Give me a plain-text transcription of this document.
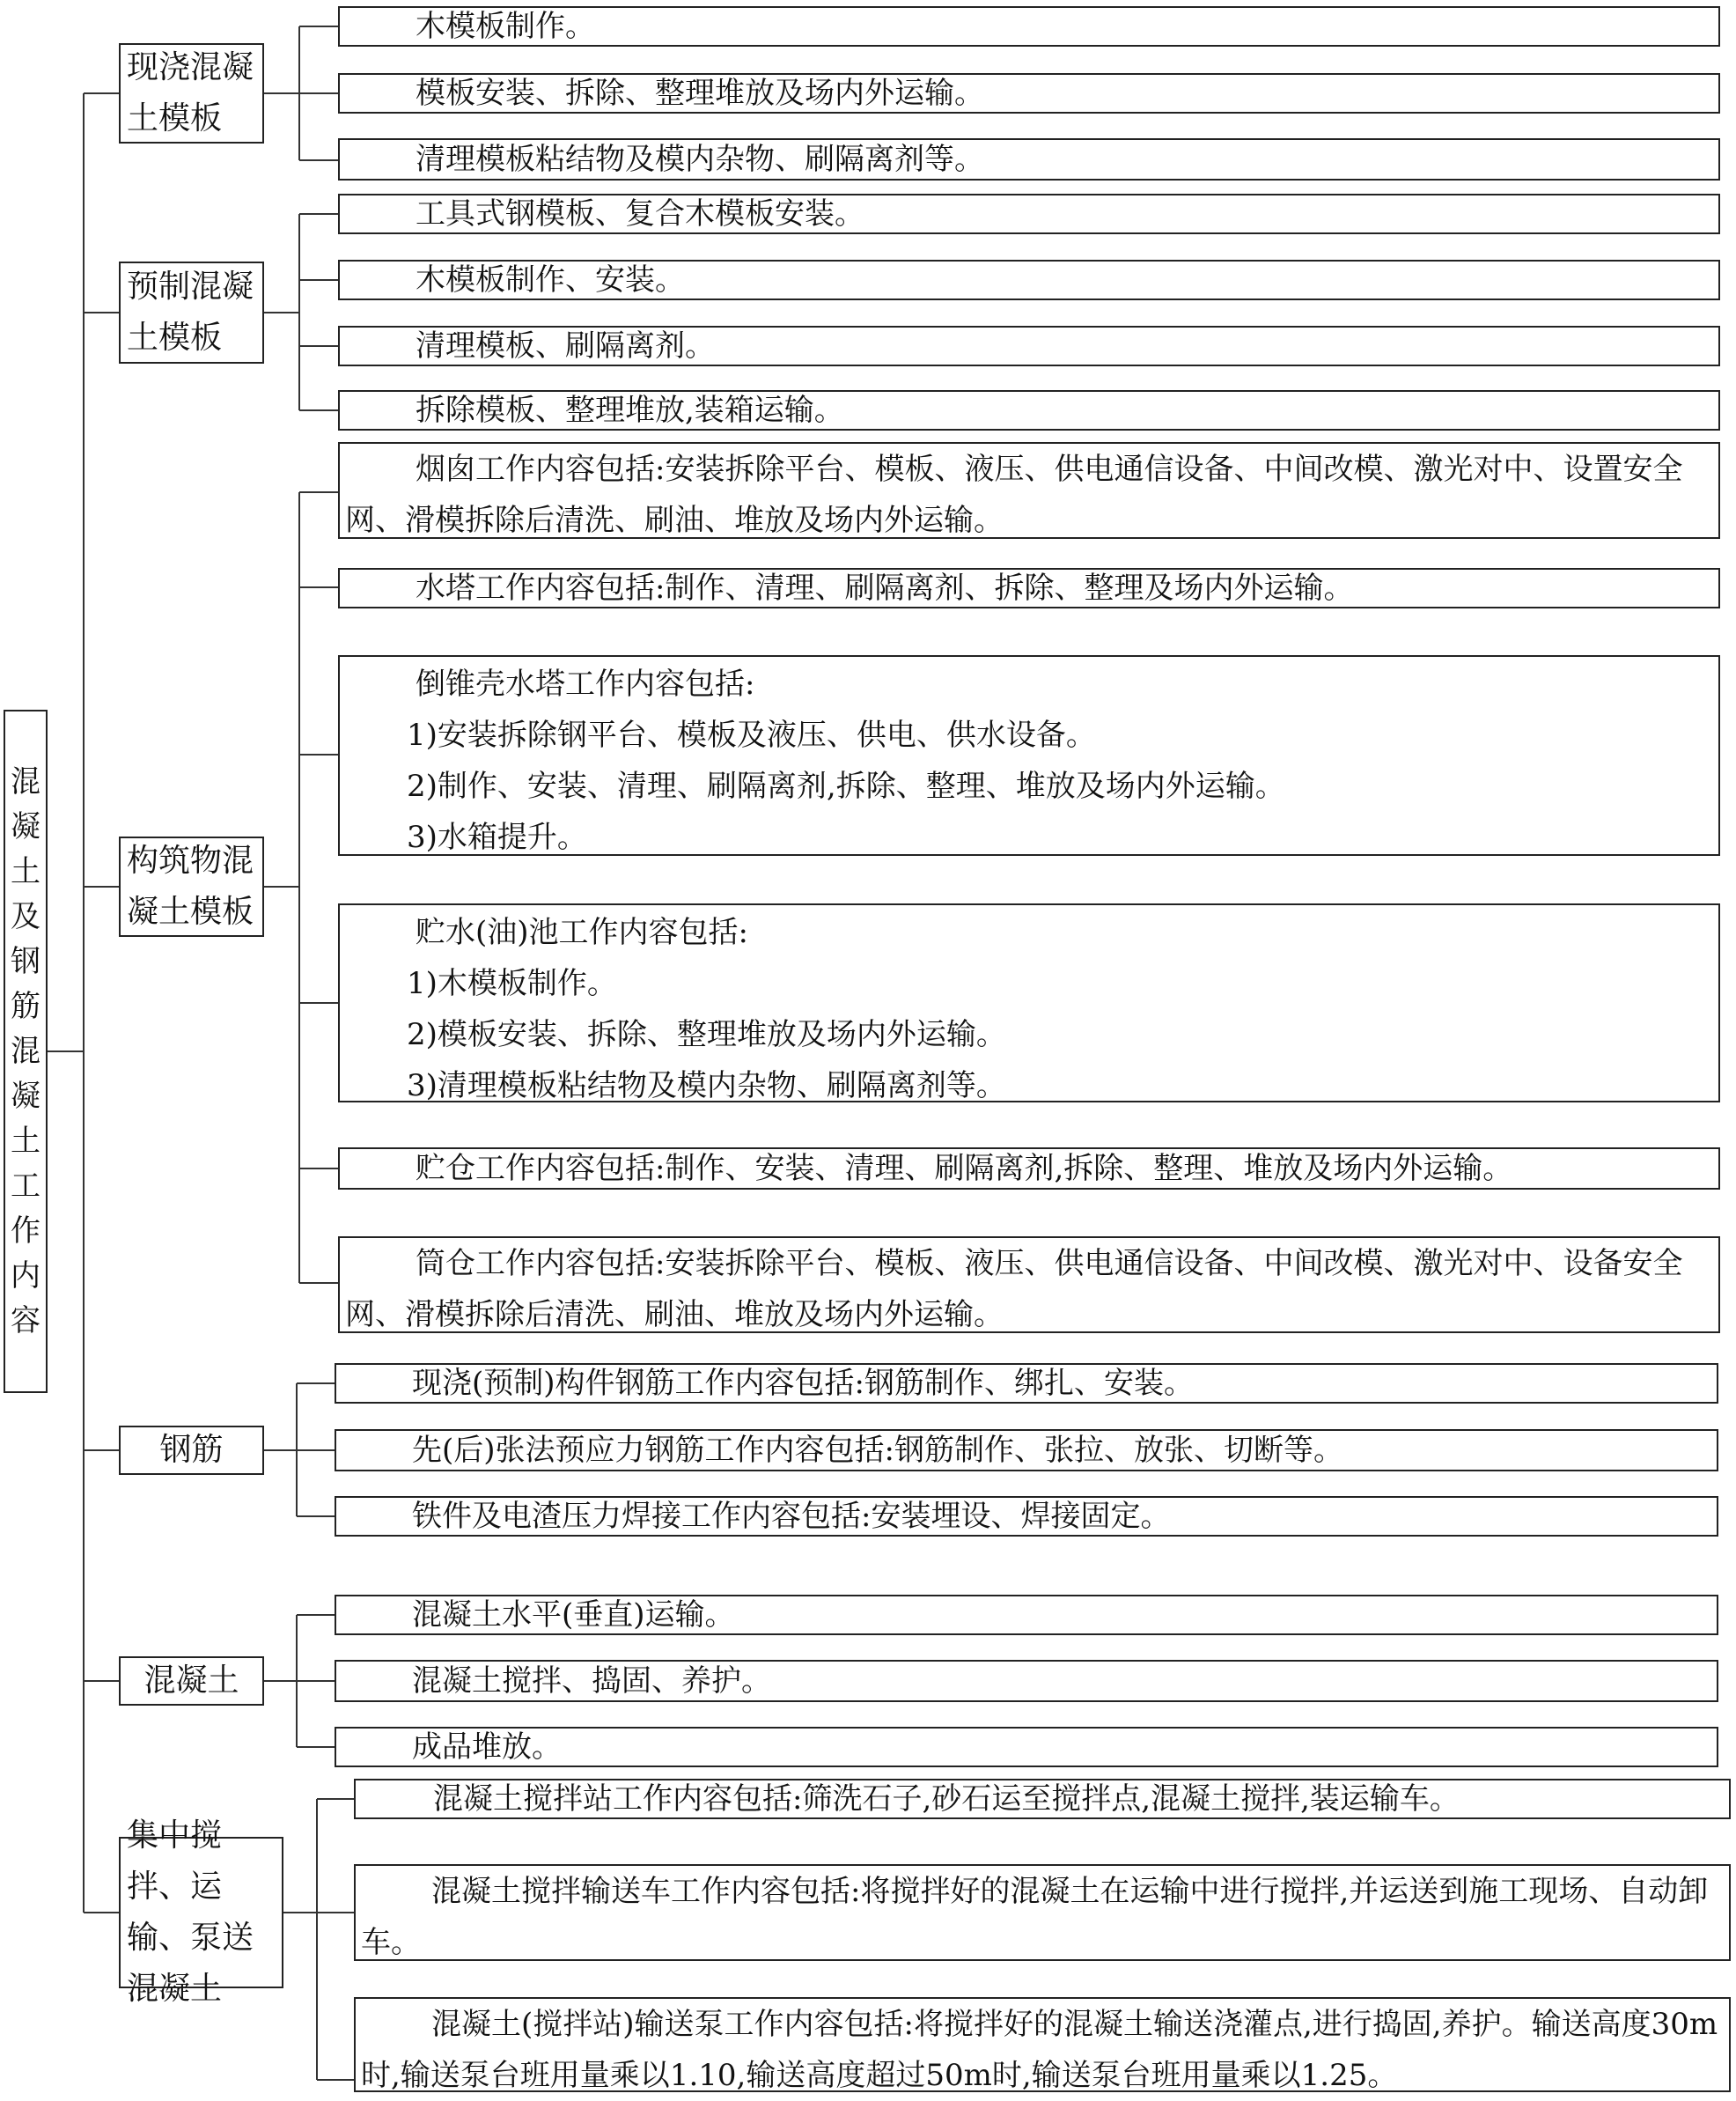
混
凝
土
及
钢
筋
混
凝
土
工
作
内
容
现浇混凝土模板
预制混凝土模板
构筑物混凝土模板
钢筋
混凝土
集中搅拌、运输、泵送混凝土
木模板制作。
模板安装、拆除、整理堆放及场内外运输。
清理模板粘结物及模内杂物、刷隔离剂等。
工具式钢模板、复合木模板安装。
木模板制作、安装。
清理模板、刷隔离剂。
拆除模板、整理堆放,装箱运输。
烟囱工作内容包括:安装拆除平台、模板、液压、供电通信设备、中间改模、激光对中、设置安全网、滑模拆除后清洗、刷油、堆放及场内外运输。
水塔工作内容包括:制作、清理、刷隔离剂、拆除、整理及场内外运输。
倒锥壳水塔工作内容包括:
1)安装拆除钢平台、模板及液压、供电、供水设备。
2)制作、安装、清理、刷隔离剂,拆除、整理、堆放及场内外运输。
3)水箱提升。
贮水(油)池工作内容包括:
1)木模板制作。
2)模板安装、拆除、整理堆放及场内外运输。
3)清理模板粘结物及模内杂物、刷隔离剂等。
贮仓工作内容包括:制作、安装、清理、刷隔离剂,拆除、整理、堆放及场内外运输。
筒仓工作内容包括:安装拆除平台、模板、液压、供电通信设备、中间改模、激光对中、设备安全网、滑模拆除后清洗、刷油、堆放及场内外运输。
现浇(预制)构件钢筋工作内容包括:钢筋制作、绑扎、安装。
先(后)张法预应力钢筋工作内容包括:钢筋制作、张拉、放张、切断等。
铁件及电渣压力焊接工作内容包括:安装埋设、焊接固定。
混凝土水平(垂直)运输。
混凝土搅拌、捣固、养护。
成品堆放。
混凝土搅拌站工作内容包括:筛洗石子,砂石运至搅拌点,混凝土搅拌,装运输车。
混凝土搅拌输送车工作内容包括:将搅拌好的混凝土在运输中进行搅拌,并运送到施工现场、自动卸车。
混凝土(搅拌站)输送泵工作内容包括:将搅拌好的混凝土输送浇灌点,进行捣固,养护。输送高度30m时,输送泵台班用量乘以1.10,输送高度超过50m时,输送泵台班用量乘以1.25。
